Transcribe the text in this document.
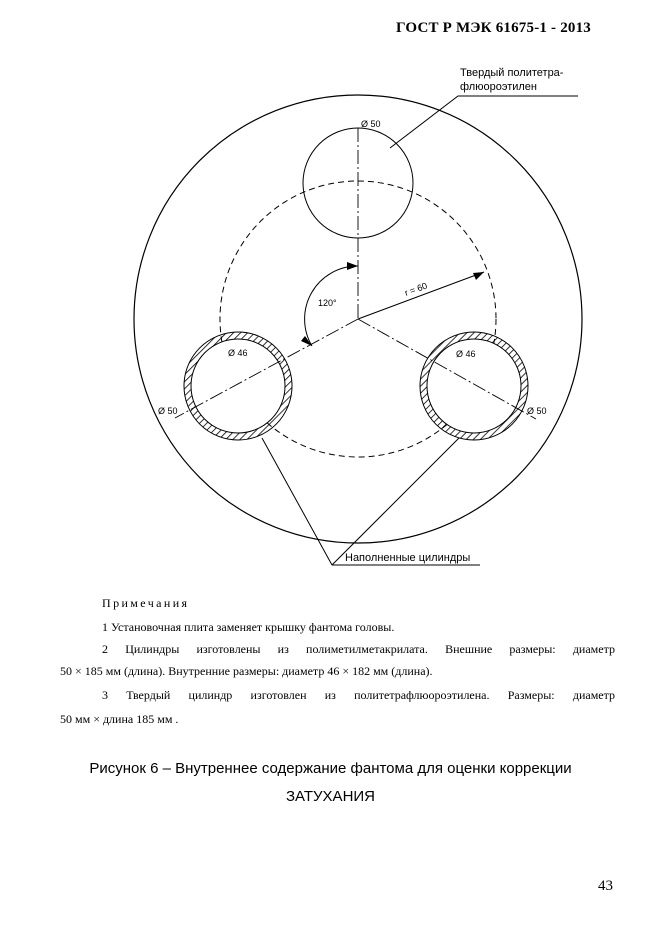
ГОСТ Р МЭК 61675-1 - 2013
Твердый политетра-
флюороэтилен
Ø 50
120°
r = 60
Ø 46
Ø 50
Ø 46
Ø 50
Наполненные цилиндры
Примечания
1 Установочная плита заменяет крышку фантома головы.
2 Цилиндры изготовлены из полиметилметакрилата. Внешние размеры: диаметр
50 × 185 мм (длина). Внутренние размеры: диаметр 46 × 182 мм (длина).
3 Твердый цилиндр изготовлен из политетрафлюороэтилена. Размеры: диаметр
50 мм × длина 185 мм .
Рисунок 6 – Внутреннее содержание фантома для оценки коррекции
ЗАТУХАНИЯ
43
